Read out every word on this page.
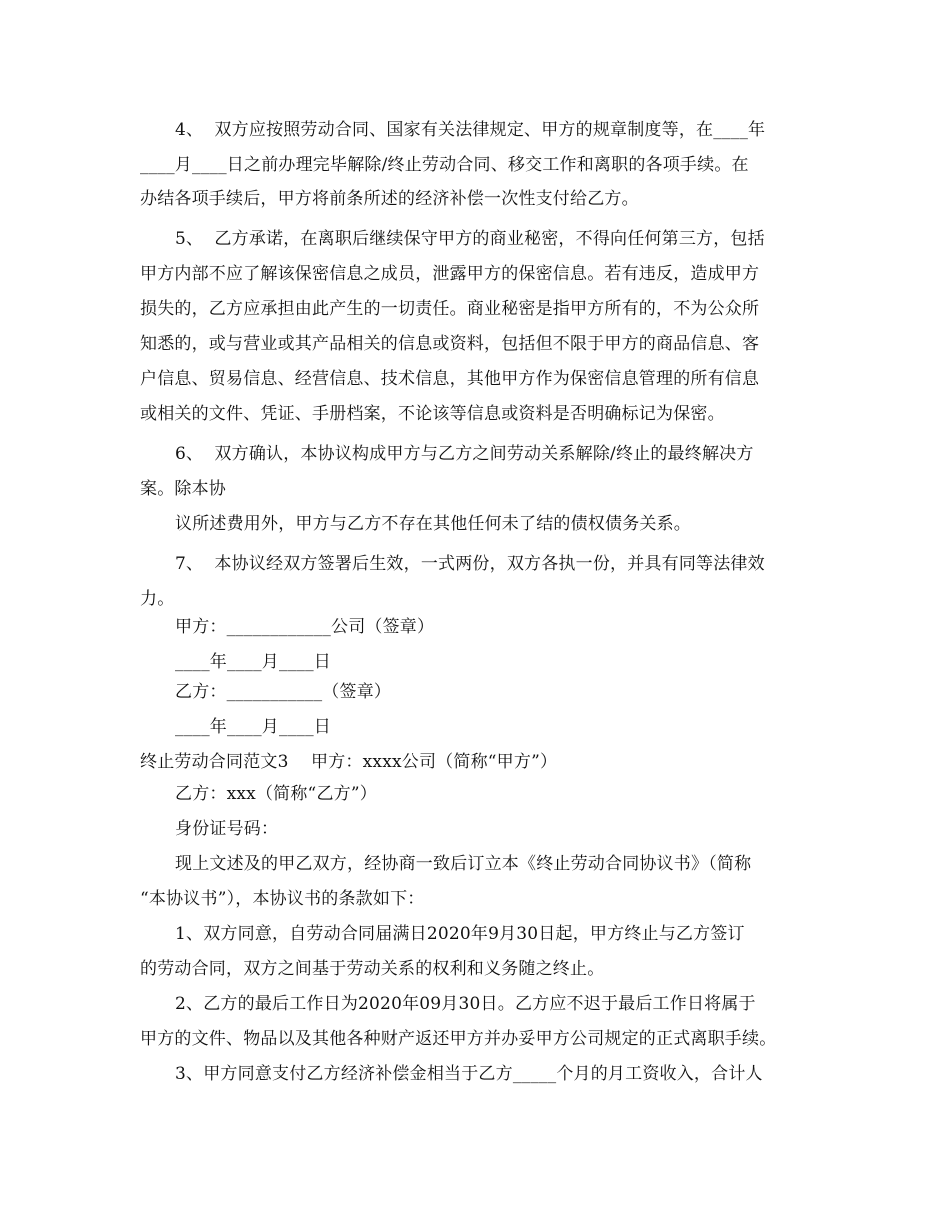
4、  双方应按照劳动合同、国家有关法律规定、甲方的规章制度等，在____年
____月____日之前办理完毕解除/终止劳动合同、移交工作和离职的各项手续。在
办结各项手续后，甲方将前条所述的经济补偿一次性支付给乙方。
5、  乙方承诺，在离职后继续保守甲方的商业秘密，不得向任何第三方，包括
甲方内部不应了解该保密信息之成员，泄露甲方的保密信息。若有违反，造成甲方
损失的，乙方应承担由此产生的一切责任。商业秘密是指甲方所有的，不为公众所
知悉的，或与营业或其产品相关的信息或资料，包括但不限于甲方的商品信息、客
户信息、贸易信息、经营信息、技术信息，其他甲方作为保密信息管理的所有信息
或相关的文件、凭证、手册档案，不论该等信息或资料是否明确标记为保密。
6、  双方确认，本协议构成甲方与乙方之间劳动关系解除/终止的最终解决方
案。除本协
议所述费用外，甲方与乙方不存在其他任何未了结的债权债务关系。
7、  本协议经双方签署后生效，一式两份，双方各执一份，并具有同等法律效
力。
甲方：____________公司（签章）
____年____月____日
乙方：___________（签章）
____年____月____日
终止劳动合同范文3    甲方：xxxx公司（简称“甲方”）
乙方：xxx（简称“乙方”）
身份证号码：
现上文述及的甲乙双方，经协商一致后订立本《终止劳动合同协议书》（简称
“本协议书”），本协议书的条款如下：
1、双方同意，自劳动合同届满日2020年9月30日起，甲方终止与乙方签订
的劳动合同，双方之间基于劳动关系的权利和义务随之终止。
2、乙方的最后工作日为2020年09月30日。乙方应不迟于最后工作日将属于
甲方的文件、物品以及其他各种财产返还甲方并办妥甲方公司规定的正式离职手续。
3、甲方同意支付乙方经济补偿金相当于乙方_____个月的月工资收入，合计人
